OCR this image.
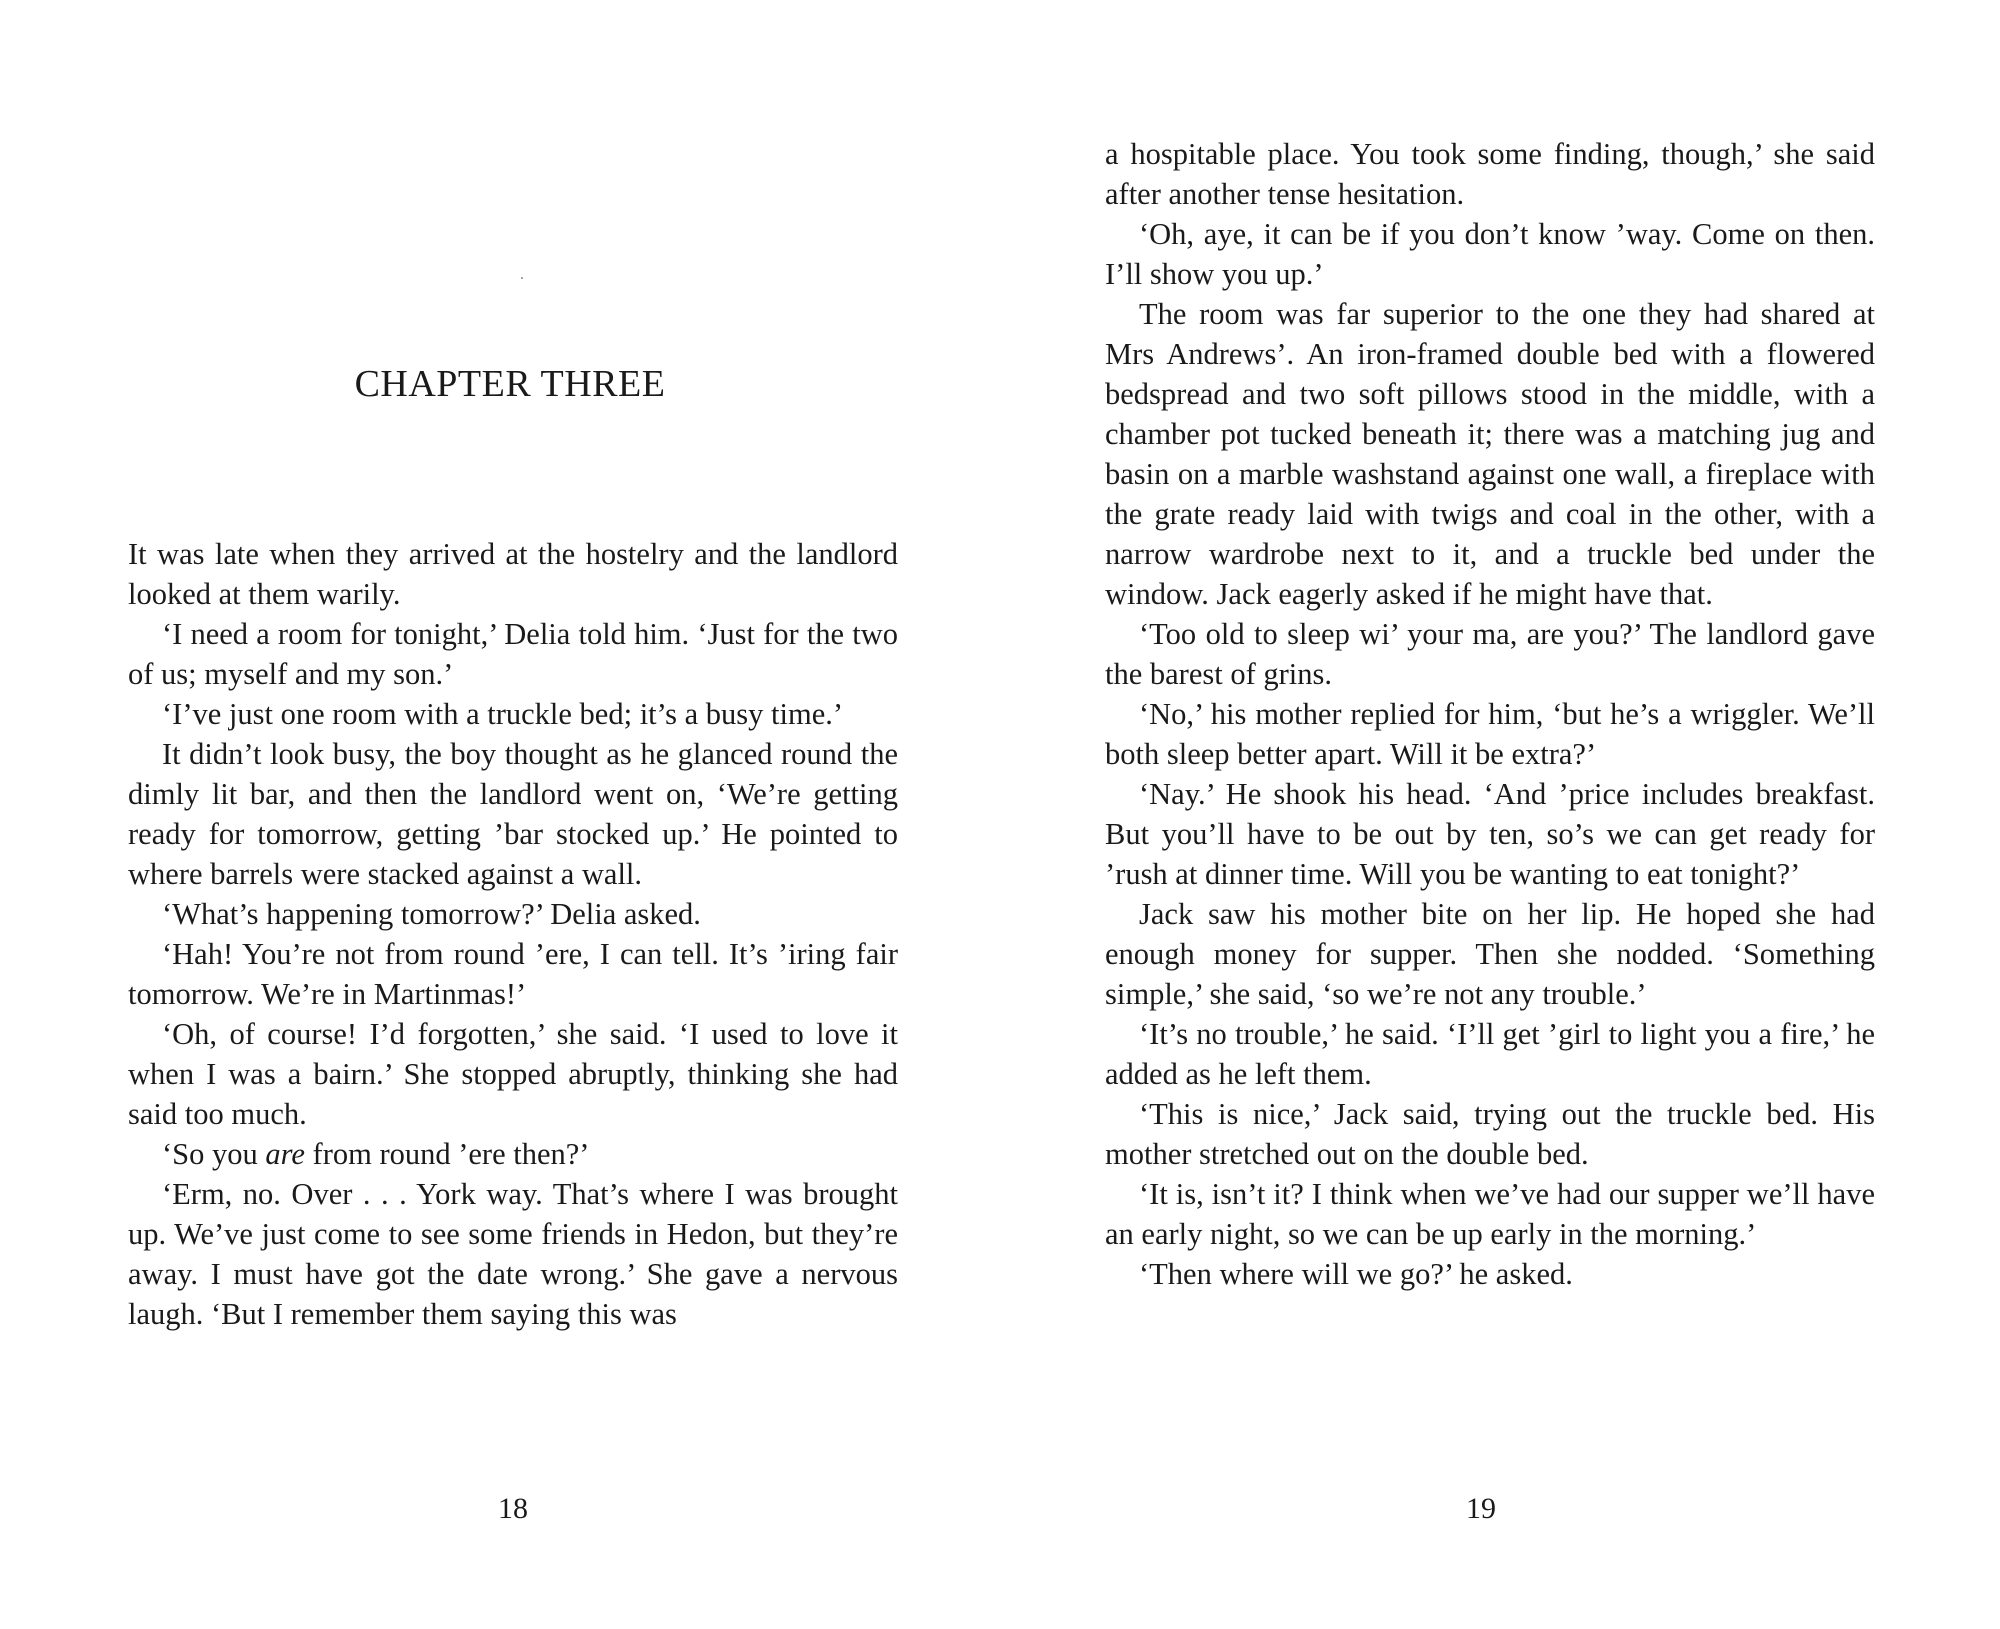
CHAPTER THREE

It was late when they arrived at the hostelry and the landlord looked at them warily.

‘I need a room for tonight,’ Delia told him. ‘Just for the two of us; myself and my son.’

‘I’ve just one room with a truckle bed; it’s a busy time.’

It didn’t look busy, the boy thought as he glanced round the dimly lit bar, and then the landlord went on, ‘We’re getting ready for tomorrow, getting ’bar stocked up.’ He pointed to where barrels were stacked against a wall.

‘What’s happening tomorrow?’ Delia asked.

‘Hah! You’re not from round ’ere, I can tell. It’s ’iring fair tomorrow. We’re in Martinmas!’

‘Oh, of course! I’d forgotten,’ she said. ‘I used to love it when I was a bairn.’ She stopped abruptly, thinking she had said too much.

‘So you are from round ’ere then?’

‘Erm, no. Over . . . York way. That’s where I was brought up. We’ve just come to see some friends in Hedon, but they’re away. I must have got the date wrong.’ She gave a nervous laugh. ‘But I remember them saying this was

18

a hospitable place. You took some finding, though,’ she said after another tense hesitation.

‘Oh, aye, it can be if you don’t know ’way. Come on then. I’ll show you up.’

The room was far superior to the one they had shared at Mrs Andrews’. An iron-framed double bed with a flowered bedspread and two soft pillows stood in the middle, with a chamber pot tucked beneath it; there was a matching jug and basin on a marble washstand against one wall, a fireplace with the grate ready laid with twigs and coal in the other, with a narrow wardrobe next to it, and a truckle bed under the window. Jack eagerly asked if he might have that.

‘Too old to sleep wi’ your ma, are you?’ The landlord gave the barest of grins.

‘No,’ his mother replied for him, ‘but he’s a wriggler. We’ll both sleep better apart. Will it be extra?’

‘Nay.’ He shook his head. ‘And ’price includes breakfast. But you’ll have to be out by ten, so’s we can get ready for ’rush at dinner time. Will you be wanting to eat tonight?’

Jack saw his mother bite on her lip. He hoped she had enough money for supper. Then she nodded. ‘Something simple,’ she said, ‘so we’re not any trouble.’

‘It’s no trouble,’ he said. ‘I’ll get ’girl to light you a fire,’ he added as he left them.

‘This is nice,’ Jack said, trying out the truckle bed. His mother stretched out on the double bed.

‘It is, isn’t it? I think when we’ve had our supper we’ll have an early night, so we can be up early in the morning.’

‘Then where will we go?’ he asked.

19
